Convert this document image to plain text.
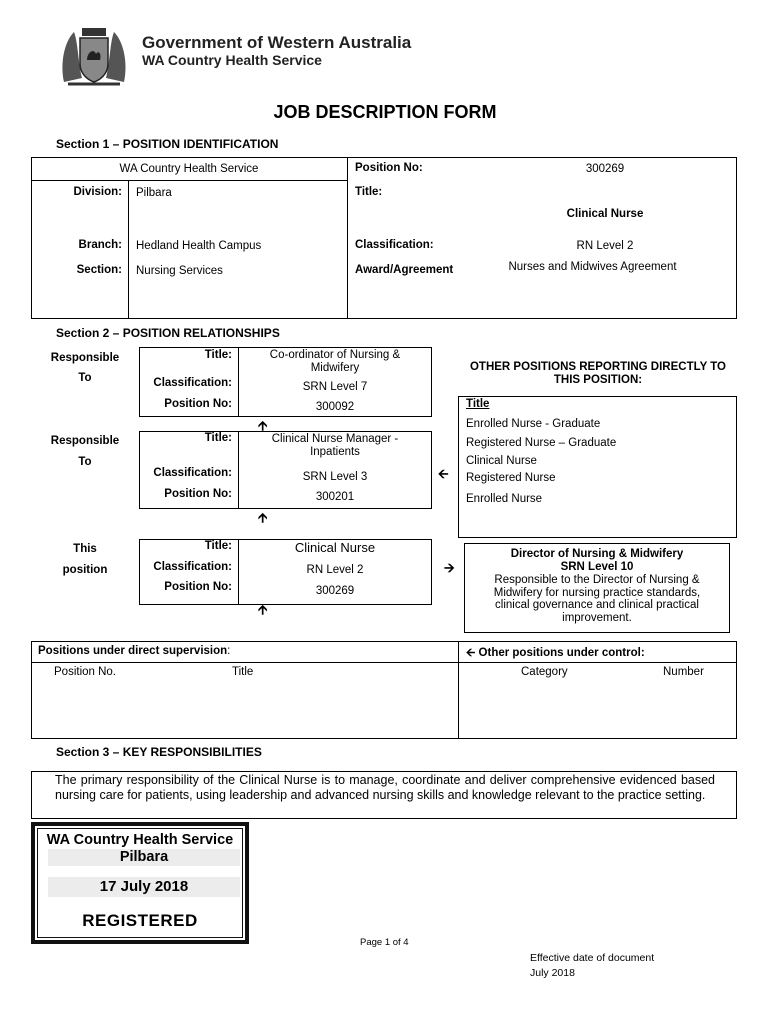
Government of Western Australia
WA Country Health Service
JOB DESCRIPTION FORM
Section 1 – POSITION IDENTIFICATION
WA Country Health Service	Position No:	300269
Division: Pilbara	Title:
Clinical Nurse
Branch: Hedland Health Campus	Classification:	RN Level 2
Section: Nursing Services	Award/Agreement	Nurses and Midwives Agreement
Section 2 – POSITION RELATIONSHIPS
Responsible
To
Responsible
To
This
position
Title:	Co-ordinator of Nursing & Midwifery
Classification:	SRN Level 7
Position No:	300092
🡩
Title:	Clinical Nurse Manager - Inpatients
Classification:	SRN Level 3
Position No:	300201
🡩
🡨
Title:	Clinical Nurse
Classification:	RN Level 2
Position No:	300269
🡩
🡪
OTHER POSITIONS REPORTING DIRECTLY TO THIS POSITION:
Title
Enrolled Nurse - Graduate
Registered Nurse – Graduate
Clinical Nurse
Registered Nurse
Enrolled Nurse
Director of Nursing & Midwifery
SRN Level 10
Responsible to the Director of Nursing & Midwifery for nursing practice standards, clinical governance and clinical practical improvement.
Positions under direct supervision:	🡨 Other positions under control:
Position No.	Title	Category	Number
Section 3 – KEY RESPONSIBILITIES
The primary responsibility of the Clinical Nurse is to manage, coordinate and deliver comprehensive evidenced based nursing care for patients, using leadership and advanced nursing skills and knowledge relevant to the practice setting.
WA Country Health Service
Pilbara
17 July 2018
REGISTERED
Page 1 of 4
Effective date of document
July 2018
